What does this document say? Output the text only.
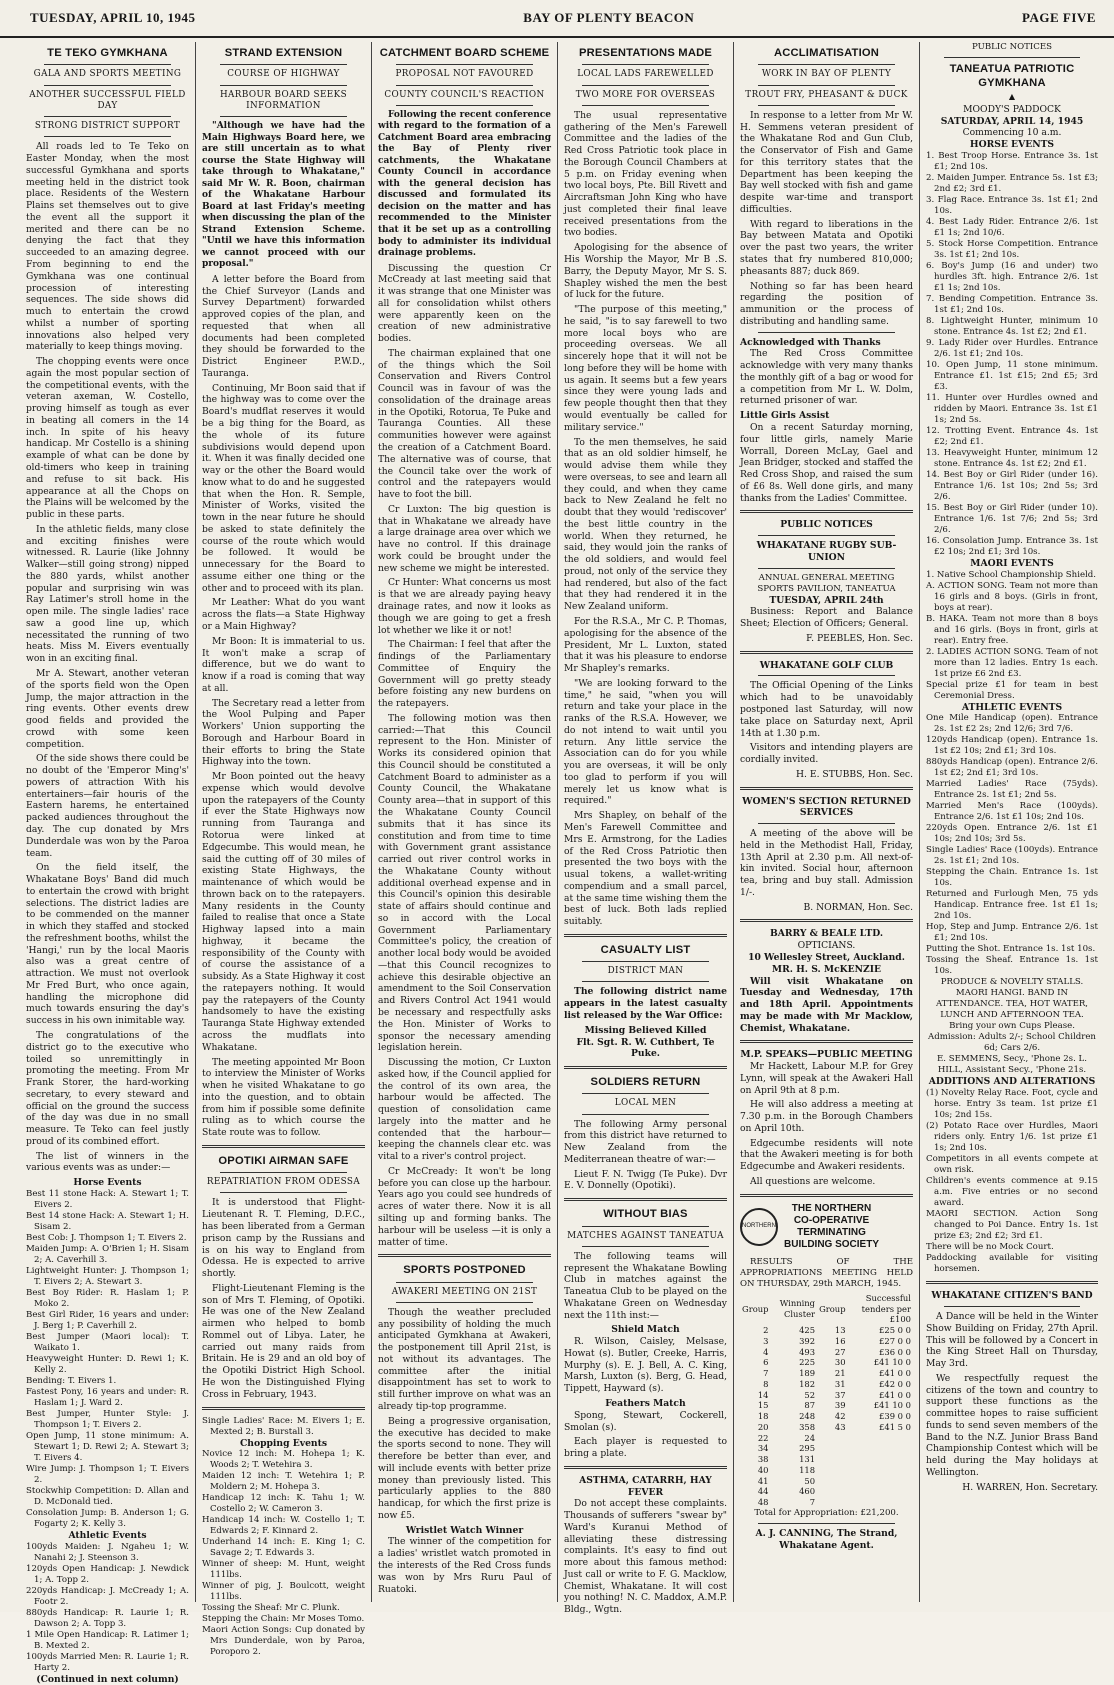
TUESDAY, APRIL 10, 1945	BAY OF PLENTY BEACON	PAGE FIVE
TE TEKO GYMKHANA
GALA AND SPORTS MEETING
ANOTHER SUCCESSFUL FIELD DAY
STRONG DISTRICT SUPPORT

All roads led to Te Teko on Easter Monday, when the most successful Gymkhana and sports meeting held in the district took place. Residents of the Western Plains set themselves out to give the event all the support it merited and there can be no denying the fact that they succeeded to an amazing degree. From beginning to end the Gymkhana was one continual procession of interesting sequences. The side shows did much to entertain the crowd whilst a number of sporting innovations also helped very materially to keep things moving.

The chopping events were once again the most popular section of the competitional events, with the veteran axeman, W. Costello, proving himself as tough as ever in beating all comers in the 14 inch. In spite of his heavy handicap. Mr Costello is a shining example of what can be done by old-timers who keep in training and refuse to sit back. His appearance at all the Chops on the Plains will be welcomed by the public in these parts.

In the athletic fields, many close and exciting finishes were witnessed. R. Laurie (like Johnny Walker—still going strong) nipped the 880 yards, whilst another popular and surprising win was Ray Latimer's stroll home in the open mile. The single ladies' race saw a good line up, which necessitated the running of two heats. Miss M. Eivers eventually won in an exciting final.

Mr A. Stewart, another veteran of the sports field won the Open Jump, the major attraction in the ring events. Other events drew good fields and provided the crowd with some keen competition.

Of the side shows there could be no doubt of the 'Emperor Ming's' powers of attraction With his entertainers—fair houris of the Eastern harems, he entertained packed audiences throughout the day. The cup donated by Mrs Dunderdale was won by the Paroa team.

On the field itself, the Whakatane Boys' Band did much to entertain the crowd with bright selections. The district ladies are to be commended on the manner in which they staffed and stocked the refreshment booths, whilst the 'Hangi,' run by the local Maoris also was a great centre of attraction. We must not overlook Mr Fred Burt, who once again, handling the microphone did much towards ensuring the day's success in his own inimitable way.

The congratulations of the district go to the executive who toiled so unremittingly in promoting the meeting. From Mr Frank Storer, the hard-working secretary, to every steward and official on the ground the success of the day was due in no small measure. Te Teko can feel justly proud of its combined effort.

The list of winners in the various events was as under:—

Horse Events
Best 11 stone Hack: A. Stewart 1; T. Eivers 2.
Best 14 stone Hack: A. Stewart 1; H. Sisam 2.
Best Cob: J. Thompson 1; T. Eivers 2.
Maiden Jump: A. O'Brien 1; H. Sisam 2; A. Caverhill 3.
Lightweight Hunter: J. Thompson 1; T. Eivers 2; A. Stewart 3.
Best Boy Rider: R. Haslam 1; P. Moko 2.
Best Girl Rider, 16 years and under: J. Berg 1; P. Caverhill 2.
Best Jumper (Maori local): T. Waikato 1.
Heavyweight Hunter: D. Rewi 1; K. Kelly 2.
Bending: T. Eivers 1.
Fastest Pony, 16 years and under: R. Haslam 1; J. Ward 2.
Best Jumper, Hunter Style: J. Thompson 1; T. Eivers 2.
Open Jump, 11 stone minimum: A. Stewart 1; D. Rewi 2; A. Stewart 3; T. Eivers 4.
Wire Jump: J. Thompson 1; T. Eivers 2.
Stockwhip Competition: D. Allan and D. McDonald tied.
Consolation Jump: B. Anderson 1; G. Fogarty 2; K. Kelly 3.
Athletic Events
100yds Maiden: J. Ngaheu 1; W. Nanahi 2; J. Steenson 3.
120yds Open Handicap: J. Newdick 1; A. Topp 2.
220yds Handicap: J. McCready 1; A. Footr 2.
880yds Handicap: R. Laurie 1; R. Dawson 2; A. Topp 3.
1 Mile Open Handicap: R. Latimer 1; B. Mexted 2.
100yds Married Men: R. Laurie 1; R. Harty 2.
(Continued in next column)
STRAND EXTENSION
COURSE OF HIGHWAY
HARBOUR BOARD SEEKS INFORMATION

"Although we have had the Main Highways Board here, we are still uncertain as to what course the State Highway will take through to Whakatane," said Mr W. R. Boon, chairman of the Whakatane Harbour Board at last Friday's meeting when discussing the plan of the Strand Extension Scheme. "Until we have this information we cannot proceed with our proposal."

A letter before the Board from the Chief Surveyor (Lands and Survey Department) forwarded approved copies of the plan, and requested that when all documents had been completed they should be forwarded to the District Engineer P.W.D., Tauranga.

Continuing, Mr Boon said that if the highway was to come over the Board's mudflat reserves it would be a big thing for the Board, as the whole of its future subdivisions would depend upon it. When it was finally decided one way or the other the Board would know what to do and he suggested that when the Hon. R. Semple, Minister of Works, visited the town in the near future he should be asked to state definitely the course of the route which would be followed. It would be unnecessary for the Board to assume either one thing or the other and to proceed with its plan.

Mr Leather: What do you want across the flats—a State Highway or a Main Highway?

Mr Boon: It is immaterial to us. It won't make a scrap of difference, but we do want to know if a road is coming that way at all.

The Secretary read a letter from the Wool Pulping and Paper Workers' Union supporting the Borough and Harbour Board in their efforts to bring the State Highway into the town.

Mr Boon pointed out the heavy expense which would devolve upon the ratepayers of the County if ever the State Highways now running from Tauranga and Rotorua were linked at Edgecumbe. This would mean, he said the cutting off of 30 miles of existing State Highways, the maintenance of which would be thrown back on to the ratepayers. Many residents in the County failed to realise that once a State Highway lapsed into a main highway, it became the responsibility of the County with of course the assistance of a subsidy. As a State Highway it cost the ratepayers nothing. It would pay the ratepayers of the County handsomely to have the existing Tauranga State Highway extended across the mudflats into Whakatane.

The meeting appointed Mr Boon to interview the Minister of Works when he visited Whakatane to go into the question, and to obtain from him if possible some definite ruling as to which course the State route was to follow.

OPOTIKI AIRMAN SAFE
REPATRIATION FROM ODESSA

It is understood that Flight-Lieutenant R. T. Fleming, D.F.C., has been liberated from a German prison camp by the Russians and is on his way to England from Odessa. He is expected to arrive shortly.

Flight-Lieutenant Fleming is the son of Mrs T. Fleming, of Opotiki. He was one of the New Zealand airmen who helped to bomb Rommel out of Libya. Later, he carried out many raids from Britain. He is 29 and an old boy of the Opotiki District High School. He won the Distinguished Flying Cross in February, 1943.

Single Ladies' Race: M. Eivers 1; E. Mexted 2; B. Burstall 3.
Chopping Events
Novice 12 inch: M. Hohepa 1; K. Woods 2; T. Wetehira 3.
Maiden 12 inch: T. Wetehira 1; P. Moldern 2; M. Hohepa 3.
Handicap 12 inch: K. Tahu 1; W. Costello 2; W. Cameron 3.
Handicap 14 inch: W. Costello 1; T. Edwards 2; F. Kinnard 2.
Underhand 14 inch: E. King 1; C. Savage 2; T. Edwards 3.
Winner of sheep: M. Hunt, weight 111lbs.
Winner of pig, J. Boulcott, weight 111lbs.
Tossing the Sheaf: Mr C. Plunk.
Stepping the Chain: Mr Moses Tomo.
Maori Action Songs: Cup donated by Mrs Dunderdale, won by Paroa, Poroporo 2.
CATCHMENT BOARD SCHEME
PROPOSAL NOT FAVOURED
COUNTY COUNCIL'S REACTION

Following the recent conference with regard to the formation of a Catchment Board area embracing the Bay of Plenty river catchments, the Whakatane County Council in accordance with the general decision has discussed and formulated its decision on the matter and has recommended to the Minister that it be set up as a controlling body to administer its individual drainage problems.

Discussing the question Cr McCready at last meeting said that it was strange that one Minister was all for consolidation whilst others were apparently keen on the creation of new administrative bodies.

The chairman explained that one of the things which the Soil Conservation and Rivers Control Council was in favour of was the consolidation of the drainage areas in the Opotiki, Rotorua, Te Puke and Tauranga Counties. All these communities however were against the creation of a Catchment Board. The alternative was of course, that the Council take over the work of control and the ratepayers would have to foot the bill.

Cr Luxton: The big question is that in Whakatane we already have a large drainage area over which we have no control. If this drainage work could be brought under the new scheme we might be interested.

Cr Hunter: What concerns us most is that we are already paying heavy drainage rates, and now it looks as though we are going to get a fresh lot whether we like it or not!

The Chairman: I feel that after the findings of the Parliamentary Committee of Enquiry the Government will go pretty steady before foisting any new burdens on the ratepayers.

The following motion was then carried:—That this Council represent to the Hon. Minister of Works its considered opinion that this Council should be constituted a Catchment Board to administer as a County Council, the Whakatane County area—that in support of this the Whakatane County Council submits that it has since its constitution and from time to time with Government grant assistance carried out river control works in the Whakatane County without additional overhead expense and in this Council's opinion this desirable state of affairs should continue and so in accord with the Local Government Parliamentary Committee's policy, the creation of another local body would be avoided—that this Council recognizes to achieve this desirable objective an amendment to the Soil Conservation and Rivers Control Act 1941 would be necessary and respectfully asks the Hon. Minister of Works to sponsor the necessary amending legislation herein.

Discussing the motion, Cr Luxton asked how, if the Council applied for the control of its own area, the harbour would be affected. The question of consolidation came largely into the matter and he contended that the harbour—keeping the channels clear etc. was vital to a river's control project.

Cr McCready: It won't be long before you can close up the harbour. Years ago you could see hundreds of acres of water there. Now it is all silting up and forming banks. The harbour will be useless —it is only a matter of time.

SPORTS POSTPONED
AWAKERI MEETING ON 21ST

Though the weather precluded any possibility of holding the much anticipated Gymkhana at Awakeri, the postponement till April 21st, is not without its advantages. The committee after the initial disappointment has set to work to still further improve on what was an already tip-top programme.

Being a progressive organisation, the executive has decided to make the sports second to none. They will therefore be better than ever, and will include events with better prize money than previously listed. This particularly applies to the 880 handicap, for which the first prize is now £5.

Wristlet Watch Winner

The winner of the competition for a ladies' wristlet watch promoted in the interests of the Red Cross funds was won by Mrs Ruru Paul of Ruatoki.

PRESENTATIONS MADE
LOCAL LADS FAREWELLED
TWO MORE FOR OVERSEAS

The usual representative gathering of the Men's Farewell Committee and the ladies of the Red Cross Patriotic took place in the Borough Council Chambers at 5 p.m. on Friday evening when two local boys, Pte. Bill Rivett and Aircraftsman John King who have just completed their final leave received presentations from the two bodies.

Apologising for the absence of His Worship the Mayor, Mr B .S. Barry, the Deputy Mayor, Mr S. S. Shapley wished the men the best of luck for the future.

"The purpose of this meeting," he said, "is to say farewell to two more local boys who are proceeding overseas. We all sincerely hope that it will not be long before they will be home with us again. It seems but a few years since they were young lads and few people thought then that they would eventually be called for military service."

To the men themselves, he said that as an old soldier himself, he would advise them while they were overseas, to see and learn all they could, and when they came back to New Zealand he felt no doubt that they would 'rediscover' the best little country in the world. When they returned, he said, they would join the ranks of the old soldiers, and would feel proud, not only of the service they had rendered, but also of the fact that they had rendered it in the New Zealand uniform.

For the R.S.A., Mr C. P. Thomas, apologising for the absence of the President, Mr L. Luxton, stated that it was his pleasure to endorse Mr Shapley's remarks.

"We are looking forward to the time," he said, "when you will return and take your place in the ranks of the R.S.A. However, we do not intend to wait until you return. Any little service the Association can do for you while you are overseas, it will be only too glad to perform if you will merely let us know what is required."

Mrs Shapley, on behalf of the Men's Farewell Committee and Mrs E. Armstrong, for the Ladies of the Red Cross Patriotic then presented the two boys with the usual tokens, a wallet-writing compendium and a small parcel, at the same time wishing them the best of luck. Both lads replied suitably.

CASUALTY LIST
DISTRICT MAN

The following district name appears in the latest casualty list released by the War Office:

Missing Believed Killed
Flt. Sgt. R. W. Cuthbert, Te Puke.
SOLDIERS RETURN
LOCAL MEN

The following Army personal from this district have returned to New Zealand from the Mediterranean theatre of war:—

Lieut F. N. Twigg (Te Puke). Dvr E. V. Donnelly (Opotiki).

WITHOUT BIAS
MATCHES AGAINST TANEATUA

The following teams will represent the Whakatane Bowling Club in matches against the Taneatua Club to be played on the Whakatane Green on Wednesday next the 11th inst:—

Shield Match

R. Wilson, Caisley, Melsase, Howat (s). Butler, Creeke, Harris, Murphy (s). E. J. Bell, A. C. King, Marsh, Luxton (s). Berg, G. Head, Tippett, Hayward (s).

Feathers Match

Spong, Stewart, Cockerell, Smolan (s).

Each player is requested to bring a plate.

ASTHMA, CATARRH, HAY FEVER

Do not accept these complaints. Thousands of sufferers "swear by" Ward's Kuranui Method of alleviating these distressing complaints. It's easy to find out more about this famous method: Just call or write to F. G. Macklow, Chemist, Whakatane. It will cost you nothing! N. C. Maddox, A.M.P. Bldg., Wgtn.

ACCLIMATISATION
WORK IN BAY OF PLENTY
TROUT FRY, PHEASANT & DUCK

In response to a letter from Mr W. H. Semmens veteran president of the Whakatane Rod and Gun Club, the Conservator of Fish and Game for this territory states that the Department has been keeping the Bay well stocked with fish and game despite war-time and transport difficulties.

With regard to liberations in the Bay between Matata and Opotiki over the past two years, the writer states that fry numbered 810,000; pheasants 887; duck 869.

Nothing so far has been heard regarding the position of ammunition or the process of distributing and handling same.

Acknowledged with Thanks

The Red Cross Committee acknowledge with very many thanks the monthly gift of a bag or wood for a competition from Mr L. W. Dolm, returned prisoner of war.

Little Girls Assist

On a recent Saturday morning, four little girls, namely Marie Worrall, Doreen McLay, Gael and Jean Bridger, stocked and staffed the Red Cross Shop, and raised the sum of £6 8s. Well done girls, and many thanks from the Ladies' Committee.

PUBLIC NOTICES
WHAKATANE RUGBY SUB-UNION
ANNUAL GENERAL MEETING SPORTS PAVILION, TANEATUA
TUESDAY, APRIL 24th

Business: Report and Balance Sheet; Election of Officers; General.

F. PEEBLES, Hon. Sec.
WHAKATANE GOLF CLUB

The Official Opening of the Links which had to be unavoidably postponed last Saturday, will now take place on Saturday next, April 14th at 1.30 p.m.

Visitors and intending players are cordially invited.

H. E. STUBBS, Hon. Sec.
WOMEN'S SECTION RETURNED SERVICES

A meeting of the above will be held in the Methodist Hall, Friday, 13th April at 2.30 p.m. All next-of-kin invited. Social hour, afternoon tea, bring and buy stall. Admission 1/-.

B. NORMAN, Hon. Sec.
BARRY & BEALE LTD.
OPTICIANS.
10 Wellesley Street, Auckland.
MR. H. S. McKENZIE

Will visit Whakatane on Tuesday and Wednesday, 17th and 18th April. Appointments may be made with Mr Macklow, Chemist, Whakatane.

M.P. SPEAKS—PUBLIC MEETING

Mr Hackett, Labour M.P. for Grey Lynn, will speak at the Awakeri Hall on April 9th at 8 p.m.

He will also address a meeting at 7.30 p.m. in the Borough Chambers on April 10th.

Edgecumbe residents will note that the Awakeri meeting is for both Edgecumbe and Awakeri residents.

All questions are welcome.

NORTHERN
THE NORTHERN
CO-OPERATIVE
TERMINATING
BUILDING SOCIETY

RESULTS OF THE APPROPRIATIONS MEETING HELD ON THURSDAY, 29th MARCH, 1945.

Group	Winning Cluster	Group	Successful tenders per £100
2	425	13	£25 0 0
3	392	16	£27 0 0
4	493	27	£36 0 0
6	225	30	£41 10 0
7	189	21	£41 0 0
8	182	31	£42 0 0
14	52	37	£41 0 0
15	87	39	£41 10 0
18	248	42	£39 0 0
20	358	43	£41 5 0
22	24		
34	295		
38	131		
40	118		
41	50		
44	460		
48	7		
Total for Appropriation: £21,200.
A. J. CANNING, The Strand, Whakatane Agent.
PUBLIC NOTICES
TANEATUA PATRIOTIC GYMKHANA
▲
MOODY'S PADDOCK
SATURDAY, APRIL 14, 1945
Commencing 10 a.m.
HORSE EVENTS
1. Best Troop Horse. Entrance 3s. 1st £1; 2nd 10s.
2. Maiden Jumper. Entrance 5s. 1st £3; 2nd £2; 3rd £1.
3. Flag Race. Entrance 3s. 1st £1; 2nd 10s.
4. Best Lady Rider. Entrance 2/6. 1st £1 1s; 2nd 10/6.
5. Stock Horse Competition. Entrance 3s. 1st £1; 2nd 10s.
6. Boy's Jump (16 and under) two hurdles 3ft. high. Entrance 2/6. 1st £1 1s; 2nd 10s.
7. Bending Competition. Entrance 3s. 1st £1; 2nd 10s.
8. Lightweight Hunter, minimum 10 stone. Entrance 4s. 1st £2; 2nd £1.
9. Lady Rider over Hurdles. Entrance 2/6. 1st £1; 2nd 10s.
10. Open Jump, 11 stone minimum. Entrance £1. 1st £15; 2nd £5; 3rd £3.
11. Hunter over Hurdles owned and ridden by Maori. Entrance 3s. 1st £1 1s; 2nd 5s.
12. Trotting Event. Entrance 4s. 1st £2; 2nd £1.
13. Heavyweight Hunter, minimum 12 stone. Entrance 4s. 1st £2; 2nd £1.
14. Best Boy or Girl Rider (under 16). Entrance 1/6. 1st 10s; 2nd 5s; 3rd 2/6.
15. Best Boy or Girl Rider (under 10). Entrance 1/6. 1st 7/6; 2nd 5s; 3rd 2/6.
16. Consolation Jump. Entrance 3s. 1st £2 10s; 2nd £1; 3rd 10s.
MAORI EVENTS
1. Native School Championship Shield.
A. ACTION SONG. Team not more than 16 girls and 8 boys. (Girls in front, boys at rear).
B. HAKA. Team not more than 8 boys and 16 girls. (Boys in front, girls at rear). Entry free.
2. LADIES ACTION SONG. Team of not more than 12 ladies. Entry 1s each. 1st prize £6 2nd £3.
Special prize £1 for team in best Ceremonial Dress.
ATHLETIC EVENTS
One Mile Handicap (open). Entrance 2s. 1st £2 2s; 2nd 12/6; 3rd 7/6.
120yds Handicap (open). Entrance 1s. 1st £2 10s; 2nd £1; 3rd 10s.
880yds Handicap (open). Entrance 2/6. 1st £2; 2nd £1; 3rd 10s.
Married Ladies' Race (75yds). Entrance 2s. 1st £1; 2nd 5s.
Married Men's Race (100yds). Entrance 2/6. 1st £1 10s; 2nd 10s.
220yds Open. Entrance 2/6. 1st £1 10s; 2nd 10s; 3rd 5s.
Single Ladies' Race (100yds). Entrance 2s. 1st £1; 2nd 10s.
Stepping the Chain. Entrance 1s. 1st 10s.
Returned and Furlough Men, 75 yds Handicap. Entrance free. 1st £1 1s; 2nd 10s.
Hop, Step and Jump. Entrance 2/6. 1st £1; 2nd 10s.
Putting the Shot. Entrance 1s. 1st 10s.
Tossing the Sheaf. Entrance 1s. 1st 10s.
PRODUCE & NOVELTY STALLS. MAORI HANGI. BAND IN ATTENDANCE. TEA, HOT WATER, LUNCH AND AFTERNOON TEA.
Bring your own Cups Please.
Admission: Adults 2/-; School Children 6d; Cars 2/6.
E. SEMMENS, Secy., 'Phone 2s. L. HILL, Assistant Secy., 'Phone 21s.
ADDITIONS AND ALTERATIONS
(1) Novelty Relay Race. Foot, cycle and horse. Entry 3s team. 1st prize £1 10s; 2nd 15s.
(2) Potato Race over Hurdles, Maori riders only. Entry 1/6. 1st prize £1 1s; 2nd 10s.
Competitors in all events compete at own risk.
Children's events commence at 9.15 a.m. Five entries or no second award.
MAORI SECTION. Action Song changed to Poi Dance. Entry 1s. 1st prize £3; 2nd £2; 3rd £1.
There will be no Mock Court.
Paddocking available for visiting horsemen.
WHAKATANE CITIZEN'S BAND

A Dance will be held in the Winter Show Building on Friday, 27th April. This will be followed by a Concert in the King Street Hall on Thursday, May 3rd.

We respectfully request the citizens of the town and country to support these functions as the committee hopes to raise sufficient funds to send seven members of the Band to the N.Z. Junior Brass Band Championship Contest which will be held during the May holidays at Wellington.

H. WARREN, Hon. Secretary.
